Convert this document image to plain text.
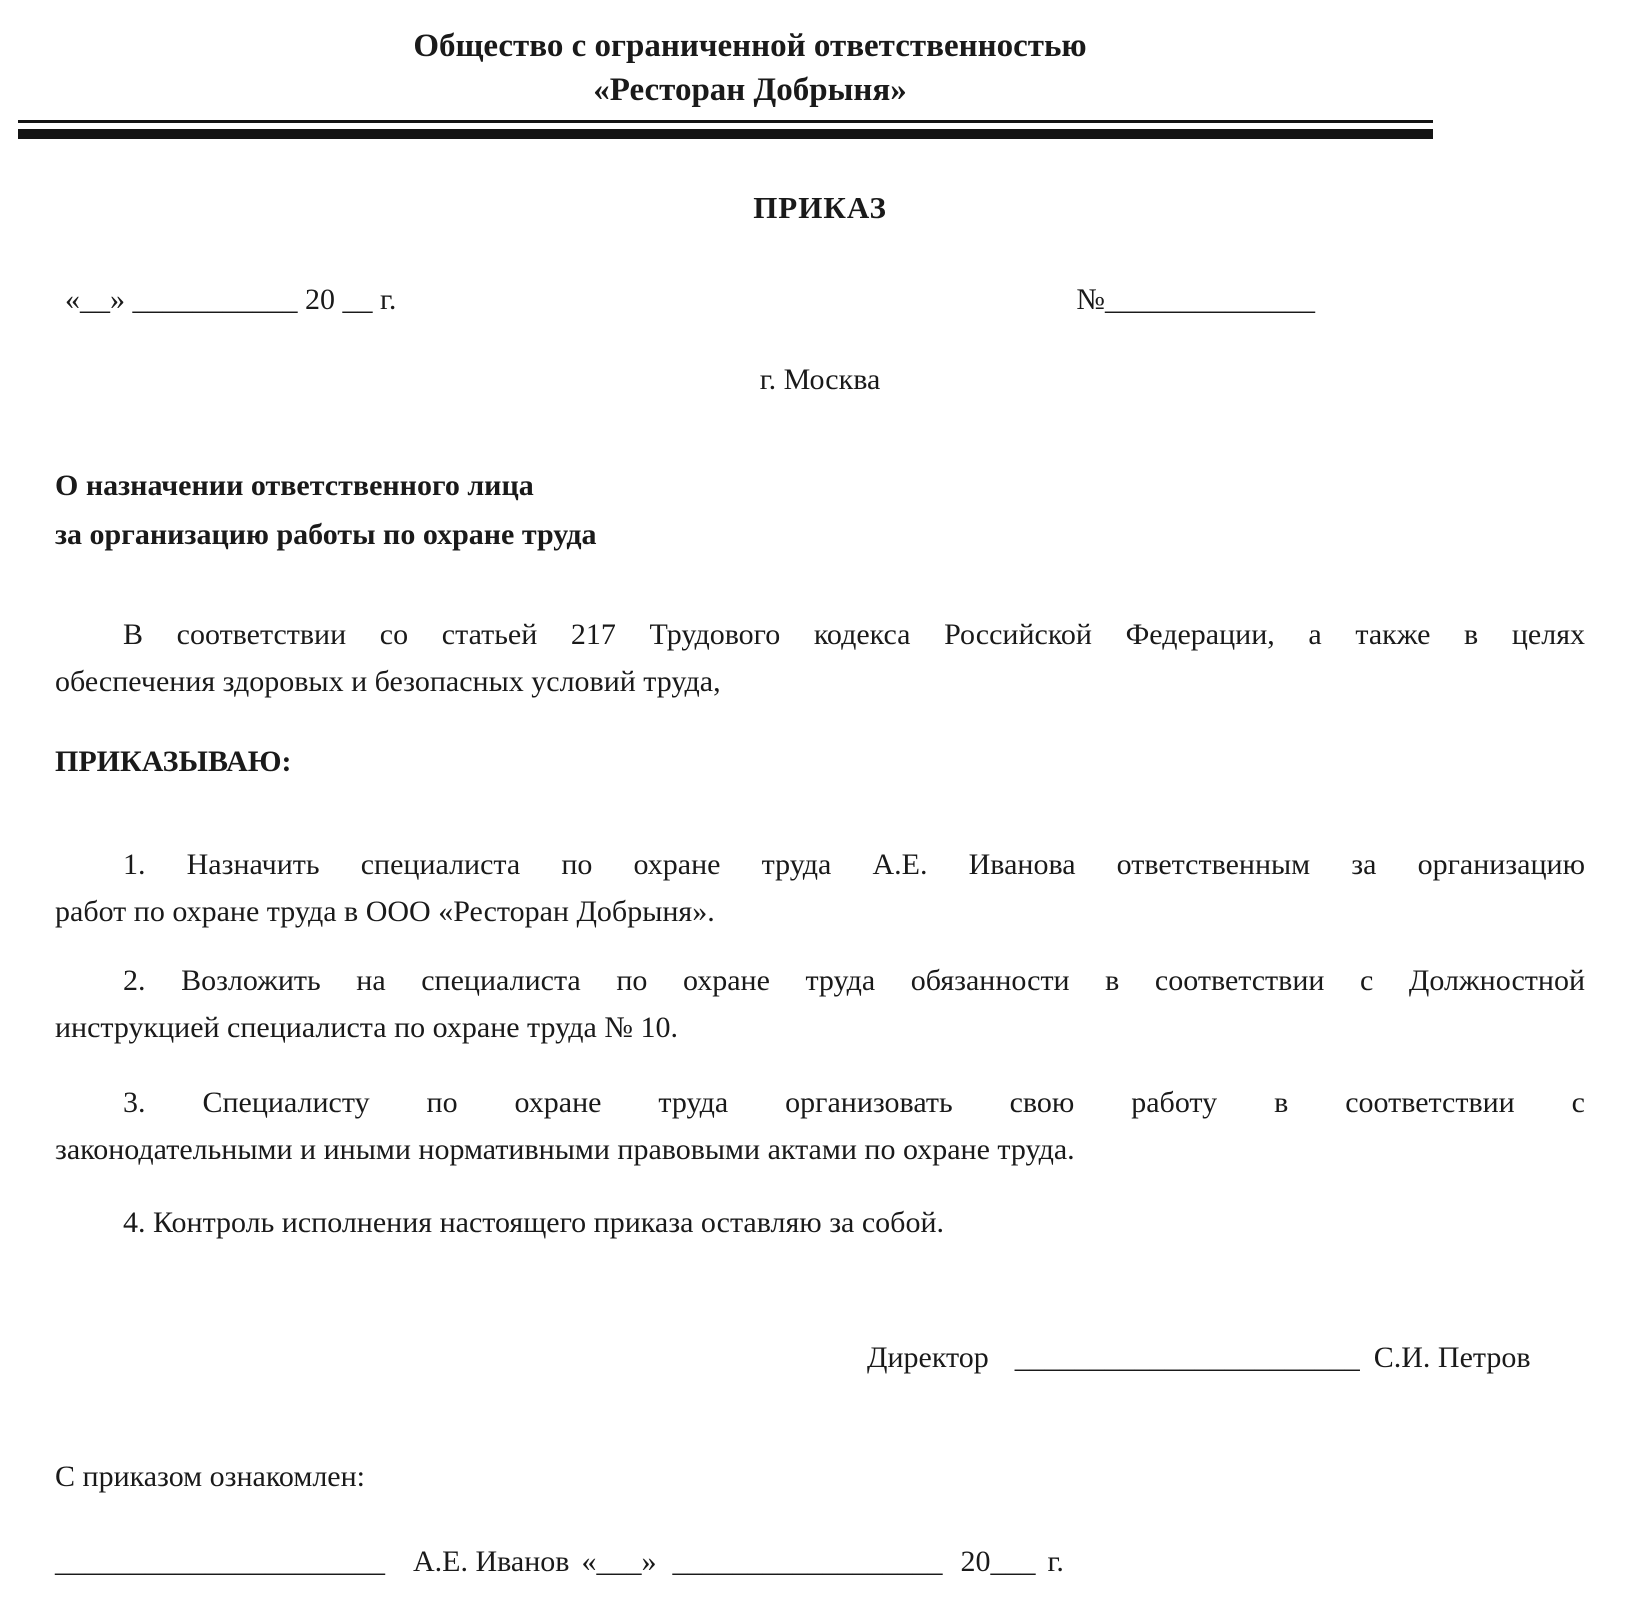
Общество с ограниченной ответственностью
«Ресторан Добрыня»
ПРИКАЗ
«__» ___________ 20 __ г.	№______________
г. Москва
О назначении ответственного лица
за организацию работы по охране труда
В соответствии со статьей 217 Трудового кодекса Российской Федерации, а также в целях
обеспечения здоровых и безопасных условий труда,
ПРИКАЗЫВАЮ:
1. Назначить специалиста по охране труда А.Е. Иванова ответственным за организацию
работ по охране труда в ООО «Ресторан Добрыня».
2. Возложить на специалиста по охране труда обязанности в соответствии с Должностной
инструкцией специалиста по охране труда № 10.
3. Специалисту по охране труда организовать свою работу в соответствии с
законодательными и иными нормативными правовыми актами по охране труда.
4. Контроль исполнения настоящего приказа оставляю за собой.
Директор _______________________ С.И. Петров
С приказом ознакомлен:
______________________ А.Е. Иванов «___» __________________ 20___ г.
